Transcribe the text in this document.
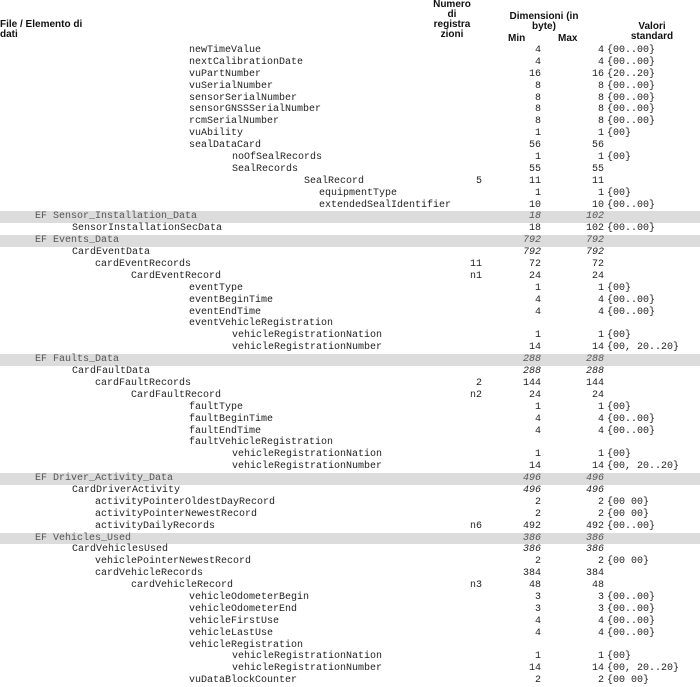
File / Elemento di
dati
Numero
di
registra
zioni
Dimensioni (in
byte)
Min	Max
Valori
standard
newTimeValue	4	4 {00..00}
nextCalibrationDate	4	4 {00..00}
vuPartNumber	16	16 {20..20}
vuSerialNumber	8	8 {00..00}
sensorSerialNumber	8	8 {00..00}
sensorGNSSSerialNumber	8	8 {00..00}
rcmSerialNumber	8	8 {00..00}
vuAbility	1	1 {00}
sealDataCard	56	56
noOfSealRecords	1	1 {00}
SealRecords	55	55
SealRecord	5	11	11
equipmentType	1	1 {00}
extendedSealIdentifier	10	10 {00..00}
EF Sensor_Installation_Data	18	102
SensorInstallationSecData	18	102 {00..00}
EF Events_Data	792	792
CardEventData	792	792
cardEventRecords	11	72	72
CardEventRecord	n1	24	24
eventType	1	1 {00}
eventBeginTime	4	4 {00..00}
eventEndTime	4	4 {00..00}
eventVehicleRegistration
vehicleRegistrationNation	1	1 {00}
vehicleRegistrationNumber	14	14 {00, 20..20}
EF Faults_Data	288	288
CardFaultData	288	288
cardFaultRecords	2	144	144
CardFaultRecord	n2	24	24
faultType	1	1 {00}
faultBeginTime	4	4 {00..00}
faultEndTime	4	4 {00..00}
faultVehicleRegistration
vehicleRegistrationNation	1	1 {00}
vehicleRegistrationNumber	14	14 {00, 20..20}
EF Driver_Activity_Data	496	496
CardDriverActivity	496	496
activityPointerOldestDayRecord	2	2 {00 00}
activityPointerNewestRecord	2	2 {00 00}
activityDailyRecords	n6	492	492 {00..00}
EF Vehicles_Used	386	386
CardVehiclesUsed	386	386
vehiclePointerNewestRecord	2	2 {00 00}
cardVehicleRecords	384	384
cardVehicleRecord	n3	48	48
vehicleOdometerBegin	3	3 {00..00}
vehicleOdometerEnd	3	3 {00..00}
vehicleFirstUse	4	4 {00..00}
vehicleLastUse	4	4 {00..00}
vehicleRegistration
vehicleRegistrationNation	1	1 {00}
vehicleRegistrationNumber	14	14 {00, 20..20}
vuDataBlockCounter	2	2 {00 00}
